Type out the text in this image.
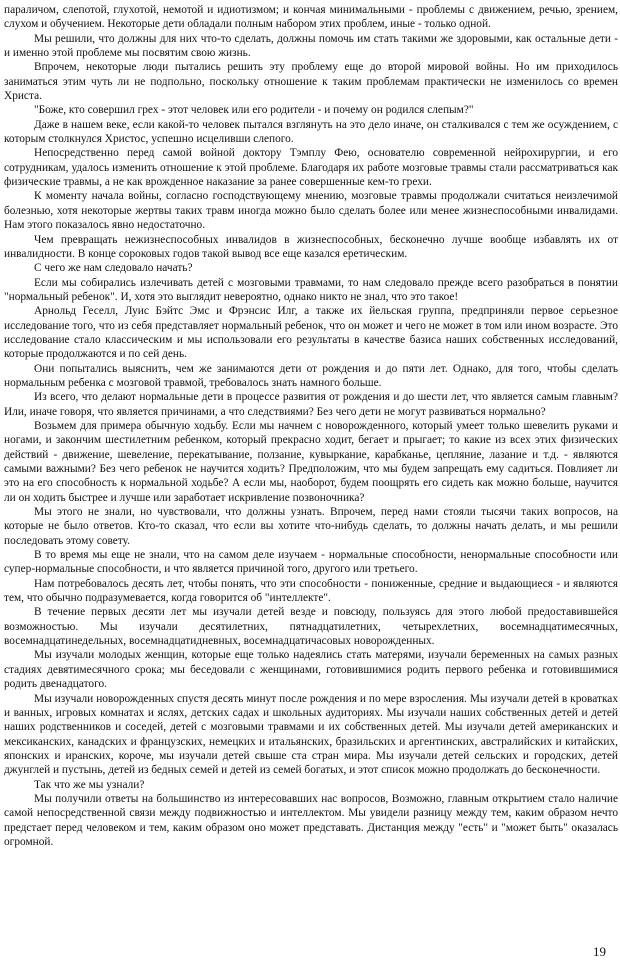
параличом, слепотой, глухотой, немотой и идиотизмом; и кончая минимальными - проблемы с движением, речью, зрением, слухом и обучением. Некоторые дети обладали полным набором этих проблем, иные - только одной.

Мы решили, что должны для них что-то сделать, должны помочь им стать такими же здоровыми, как остальные дети - и именно этой проблеме мы посвятим свою жизнь.

Впрочем, некоторые люди пытались решить эту проблему еще до второй мировой войны. Но им приходилось заниматься этим чуть ли не подпольно, поскольку отношение к таким проблемам практически не изменилось со времен Христа.

"Боже, кто совершил грех - этот человек или его родители - и почему он родился слепым?"

Даже в нашем веке, если какой-то человек пытался взглянуть на это дело иначе, он сталкивался с тем же осуждением, с которым столкнулся Христос, успешно исцеливши слепого.

Непосредственно перед самой войной доктору Тэмплу Фею, основателю современной нейрохирургии, и его сотрудникам, удалось изменить отношение к этой проблеме. Благодаря их работе мозговые травмы стали рассматриваться как физические травмы, а не как врожденное наказание за ранее совершенные кем-то грехи.

К моменту начала войны, согласно господствующему мнению, мозговые травмы продолжали считаться неизлечимой болезнью, хотя некоторые жертвы таких травм иногда можно было сделать более или менее жизнеспособными инвалидами. Нам этого показалось явно недостаточно.

Чем превращать нежизнеспособных инвалидов в жизнеспособных, бесконечно лучше вообще избавлять их от инвалидности. В конце сороковых годов такой вывод все еще казался еретическим.

С чего же нам следовало начать?

Если мы собирались излечивать детей с мозговыми травмами, то нам следовало прежде всего разобраться в понятии "нормальный ребенок". И, хотя это выглядит невероятно, однако никто не знал, что это такое!

Арнольд Геселл, Луис Бэйтс Эмс и Фрэнсис Илг, а также их йельская группа, предприняли первое серьезное исследование того, что из себя представляет нормальный ребенок, что он может и чего не может в том или ином возрасте. Это исследование стало классическим и мы использовали его результаты в качестве базиса наших собственных исследований, которые продолжаются и по сей день.

Они попытались выяснить, чем же занимаются дети от рождения и до пяти лет. Однако, для того, чтобы сделать нормальным ребенка с мозговой травмой, требовалось знать намного больше.

Из всего, что делают нормальные дети в процессе развития от рождения и до шести лет, что является самым главным? Или, иначе говоря, что является причинами, а что следствиями? Без чего дети не могут развиваться нормально?

Возьмем для примера обычную ходьбу. Если мы начнем с новорожденного, который умеет только шевелить руками и ногами, и закончим шестилетним ребенком, который прекрасно ходит, бегает и прыгает; то какие из всех этих физических действий - движение, шевеление, перекатывание, ползание, кувыркание, карабканье, цепляние, лазание и т.д. - являются самыми важными? Без чего ребенок не научится ходить? Предположим, что мы будем запрещать ему садиться. Повлияет ли это на его способность к нормальной ходьбе? А если мы, наоборот, будем поощрять его сидеть как можно больше, научится ли он ходить быстрее и лучше или заработает искривление позвоночника?

Мы этого не знали, но чувствовали, что должны узнать. Впрочем, перед нами стояли тысячи таких вопросов, на которые не было ответов. Кто-то сказал, что если вы хотите что-нибудь сделать, то должны начать делать, и мы решили последовать этому совету.

В то время мы еще не знали, что на самом деле изучаем - нормальные способности, ненормальные способности или супер-нормальные способности, и что является причиной того, другого или третьего.

Нам потребовалось десять лет, чтобы понять, что эти способности - пониженные, средние и выдающиеся - и являются тем, что обычно подразумевается, когда говорится об "интеллекте".

В течение первых десяти лет мы изучали детей везде и повсюду, пользуясь для этого любой предоставившейся возможностью. Мы изучали десятилетних, пятнадцатилетних, четырехлетних, восемнадцатимесячных, восемнадцатинедельных, восемнадцатидневных, восемнадцатичасовых новорожденных.

Мы изучали молодых женщин, которые еще только надеялись стать матерями, изучали беременных на самых разных стадиях девятимесячного срока; мы беседовали с женщинами, готовившимися родить первого ребенка и готовившимися родить двенадцатого.

Мы изучали новорожденных спустя десять минут после рождения и по мере взросления. Мы изучали детей в кроватках и ванных, игровых комнатах и яслях, детских садах и школьных аудиториях. Мы изучали наших собственных детей и детей наших родственников и соседей, детей с мозговыми травмами и их собственных детей. Мы изучали детей американских и мексиканских, канадских и французских, немецких и итальянских, бразильских и аргентинских, австралийских и китайских, японских и иранских, короче, мы изучали детей свыше ста стран мира. Мы изучали детей сельских и городских, детей джунглей и пустынь, детей из бедных семей и детей из семей богатых, и этот список можно продолжать до бесконечности.

Так что же мы узнали?

Мы получили ответы на большинство из интересовавших нас вопросов, Возможно, главным открытием стало наличие самой непосредственной связи между подвижностью и интеллектом. Мы увидели разницу между тем, каким образом нечто предстает перед человеком и тем, каким образом оно может представать. Дистанция между "есть" и "может быть" оказалась огромной.

19
